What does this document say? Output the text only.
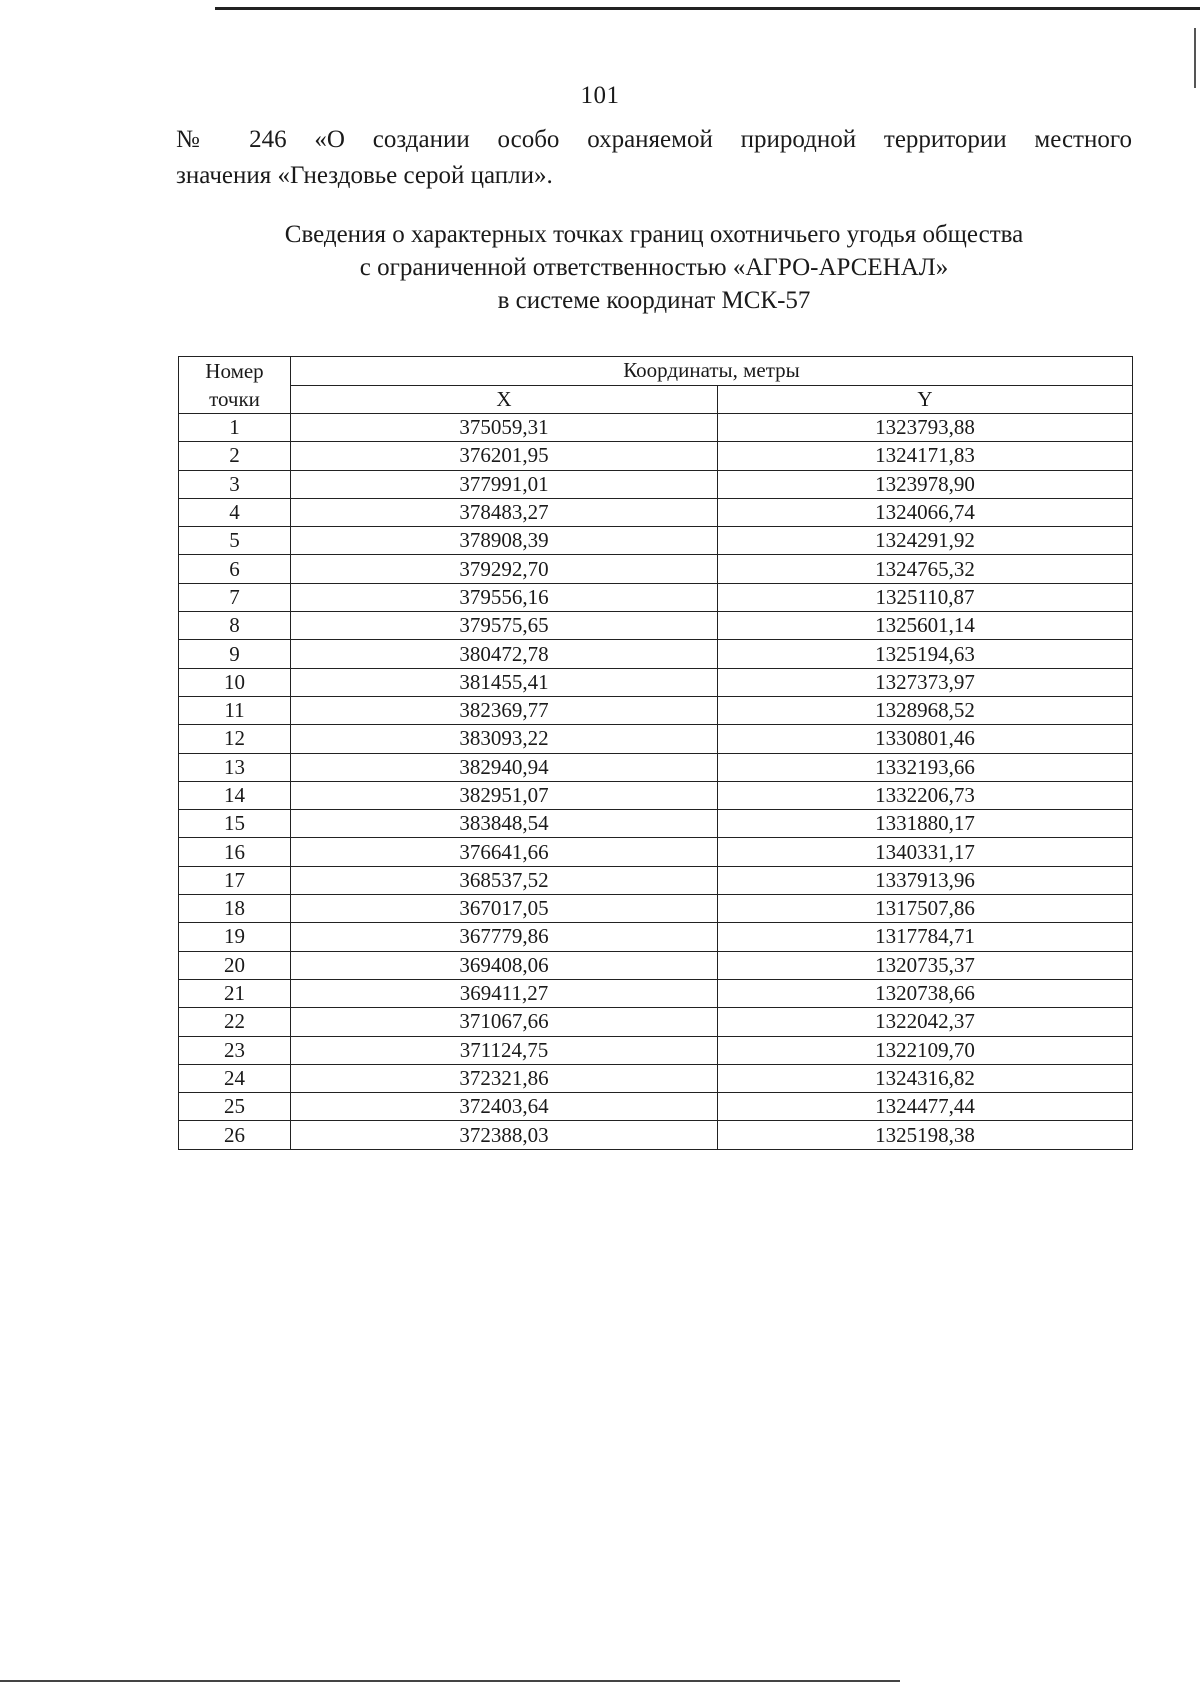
101
№ 246 «О создании особо охраняемой природной территории местного
значения «Гнездовье серой цапли».
Сведения о характерных точках границ охотничьего угодья общества
с ограниченной ответственностью «АГРО-АРСЕНАЛ»
в системе координат МСК-57
Номер
точки	Координаты, метры	
	X	Y
1	375059,31	1323793,88
2	376201,95	1324171,83
3	377991,01	1323978,90
4	378483,27	1324066,74
5	378908,39	1324291,92
6	379292,70	1324765,32
7	379556,16	1325110,87
8	379575,65	1325601,14
9	380472,78	1325194,63
10	381455,41	1327373,97
11	382369,77	1328968,52
12	383093,22	1330801,46
13	382940,94	1332193,66
14	382951,07	1332206,73
15	383848,54	1331880,17
16	376641,66	1340331,17
17	368537,52	1337913,96
18	367017,05	1317507,86
19	367779,86	1317784,71
20	369408,06	1320735,37
21	369411,27	1320738,66
22	371067,66	1322042,37
23	371124,75	1322109,70
24	372321,86	1324316,82
25	372403,64	1324477,44
26	372388,03	1325198,38
